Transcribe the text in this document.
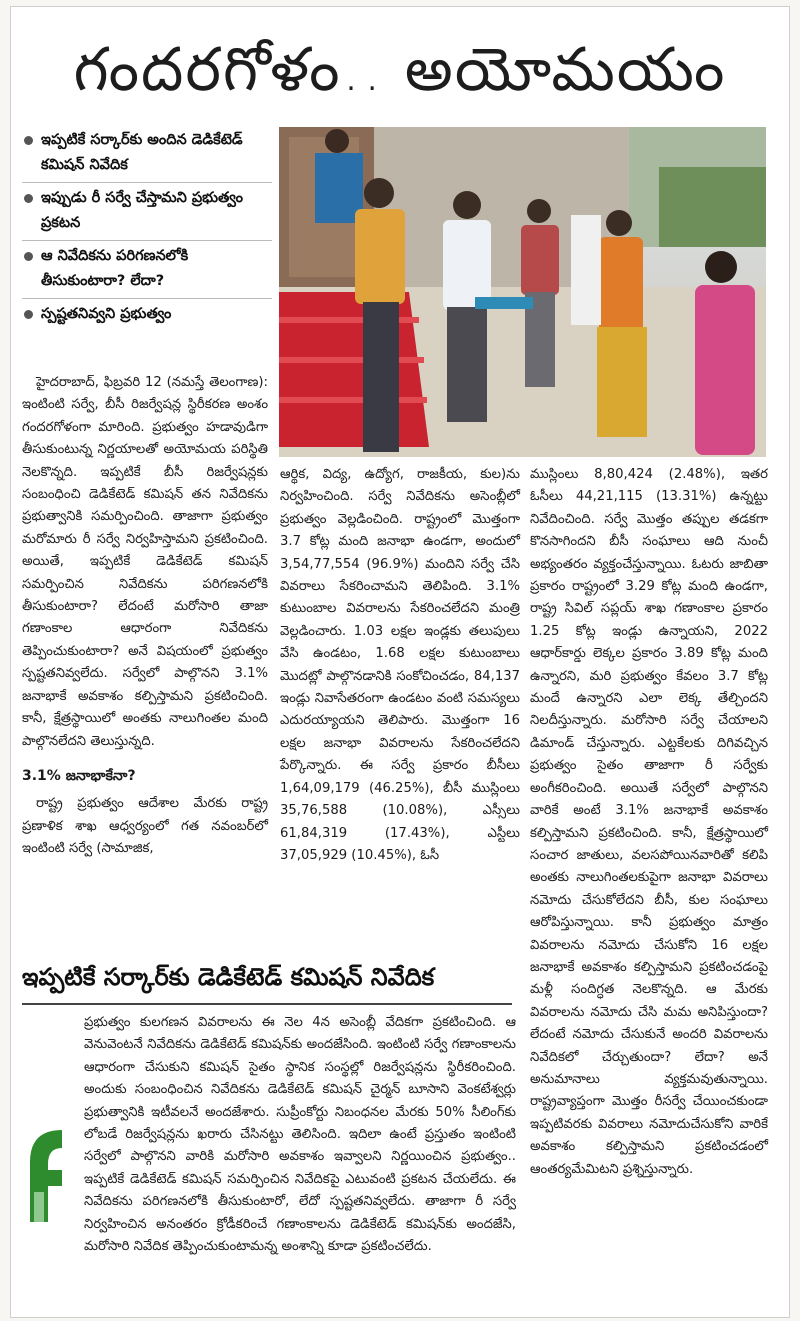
గందరగోళం.. అయోమయం
ఇప్పటికే సర్కార్‌కు అందిన డెడికేటెడ్ కమిషన్ నివేదిక
ఇప్పుడు రీ సర్వే చేస్తామని ప్రభుత్వం ప్రకటన
ఆ నివేదికను పరిగణనలోకి తీసుకుంటారా? లేదా?
స్పష్టతనివ్వని ప్రభుత్వం

హైదరాబాద్, ఫిబ్రవరి 12 (నమస్తే తెలంగాణ): ఇంటింటి సర్వే, బీసీ రిజర్వేషన్ల స్థిరీకరణ అంశం గందరగోళంగా మారింది. ప్రభుత్వం హడావుడిగా తీసుకుంటున్న నిర్ణయాలతో అయోమయ పరిస్థితి నెలకొన్నది. ఇప్పటికే బీసీ రిజర్వేషన్లకు సంబంధించి డెడికేటెడ్ కమిషన్ తన నివేదికను ప్రభుత్వానికి సమర్పించింది. తాజాగా ప్రభుత్వం మరోమారు రీ సర్వే నిర్వహిస్తామని ప్రకటించింది. అయితే, ఇప్పటికే డెడికేటెడ్ కమిషన్ సమర్పించిన నివేదికను పరిగణనలోకి తీసుకుంటారా? లేదంటే మరోసారి తాజా గణాంకాల ఆధారంగా నివేదికను తెప్పించుకుంటారా? అనే విషయంలో ప్రభుత్వం స్పష్టతనివ్వలేదు. సర్వేలో పాల్గొనని 3.1% జనాభాకే అవకాశం కల్పిస్తామని ప్రకటించింది. కానీ, క్షేత్రస్థాయిలో అంతకు నాలుగింతల మంది పాల్గొనలేదని తెలుస్తున్నది.

3.1% జనాభాకేనా?

రాష్ట్ర ప్రభుత్వం ఆదేశాల మేరకు రాష్ట్ర ప్రణాళిక శాఖ ఆధ్వర్యంలో గత నవంబర్‌లో ఇంటింటి సర్వే (సామాజిక,

ఆర్థిక, విద్య, ఉద్యోగ, రాజకీయ, కుల)ను నిర్వహించింది. సర్వే నివేదికను అసెంబ్లీలో ప్రభుత్వం వెల్లడించింది. రాష్ట్రంలో మొత్తంగా 3.7 కోట్ల మంది జనాభా ఉండగా, అందులో 3,54,77,554 (96.9%) మందిని సర్వే చేసి వివరాలు సేకరించామని తెలిపింది. 3.1% కుటుంబాల వివరాలను సేకరించలేదని మంత్రి వెల్లడించారు. 1.03 లక్షల ఇండ్లకు తలుపులు వేసి ఉండటం, 1.68 లక్షల కుటుంబాలు మొదట్లో పాల్గొనడానికి సంకోచించడం, 84,137 ఇండ్లు నివాసేతరంగా ఉండటం వంటి సమస్యలు ఎదురయ్యాయని తెలిపారు. మొత్తంగా 16 లక్షల జనాభా వివరాలను సేకరించలేదని పేర్కొన్నారు. ఈ సర్వే ప్రకారం బీసీలు 1,64,09,179 (46.25%), బీసీ ముస్లింలు 35,76,588 (10.08%), ఎస్సీలు 61,84,319 (17.43%), ఎస్టీలు 37,05,929 (10.45%), ఓసీ

ముస్లింలు 8,80,424 (2.48%), ఇతర ఓసీలు 44,21,115 (13.31%) ఉన్నట్టు నివేదించింది. సర్వే మొత్తం తప్పుల తడకగా కొనసాగిందని బీసీ సంఘాలు ఆది నుంచీ అభ్యంతరం వ్యక్తంచేస్తున్నాయి. ఓటరు జాబితా ప్రకారం రాష్ట్రంలో 3.29 కోట్ల మంది ఉండగా, రాష్ట్ర సివిల్ సప్లయ్ శాఖ గణాంకాల ప్రకారం 1.25 కోట్ల ఇండ్లు ఉన్నాయని, 2022 ఆధార్‌కార్డు లెక్కల ప్రకారం 3.89 కోట్ల మంది ఉన్నారని, మరి ప్రభుత్వం కేవలం 3.7 కోట్ల మందే ఉన్నారని ఎలా లెక్క తేల్చిందని నిలదీస్తున్నారు. మరోసారి సర్వే చేయాలని డిమాండ్ చేస్తున్నారు. ఎట్టకేలకు దిగివచ్చిన ప్రభుత్వం సైతం తాజాగా రీ సర్వేకు అంగీకరించింది. అయితే సర్వేలో పాల్గొనని వారికే అంటే 3.1% జనాభాకే అవకాశం కల్పిస్తామని ప్రకటించింది. కానీ, క్షేత్రస్థాయిలో సంచార జాతులు, వలసపోయినవారితో కలిపి అంతకు నాలుగింతలకుపైగా జనాభా వివరాలు నమోదు చేసుకోలేదని బీసీ, కుల సంఘాలు ఆరోపిస్తున్నాయి. కానీ ప్రభుత్వం మాత్రం వివరాలను నమోదు చేసుకోని 16 లక్షల జనాభాకే అవకాశం కల్పిస్తామని ప్రకటించడంపై మళ్లీ సందిగ్ధత నెలకొన్నది. ఆ మేరకు వివరాలను నమోదు చేసి మమ అనిపిస్తుందా? లేదంటే నమోదు చేసుకునే అందరి వివరాలను నివేదికలో చేర్చుతుందా? లేదా? అనే అనుమానాలు వ్యక్తమవుతున్నాయి. రాష్ట్రవ్యాప్తంగా మొత్తం రీసర్వే చేయించకుండా ఇప్పటివరకు వివరాలు నమోదుచేసుకోని వారికే అవకాశం కల్పిస్తామని ప్రకటించడంలో ఆంతర్యమేమిటని ప్రశ్నిస్తున్నారు.

ఇప్పటికే సర్కార్‌కు డెడికేటెడ్ కమిషన్ నివేదిక

ప్రభుత్వం కులగణన వివరాలను ఈ నెల 4న అసెంబ్లీ వేదికగా ప్రకటించింది. ఆ వెనువెంటనే నివేదికను డెడికేటెడ్ కమిషన్‌కు అందజేసింది. ఇంటింటి సర్వే గణాంకాలను ఆధారంగా చేసుకుని కమిషన్ సైతం స్థానిక సంస్థల్లో రిజర్వేషన్లను స్థిరీకరించింది. అందుకు సంబంధించిన నివేదికను డెడికేటెడ్ కమిషన్ చైర్మన్ బూసాని వెంకటేశ్వర్లు ప్రభుత్వానికి ఇటీవలనే అందజేశారు. సుప్రీంకోర్టు నిబంధనల మేరకు 50% సీలింగ్‌కు లోబడే రిజర్వేషన్లను ఖరారు చేసినట్టు తెలిసింది. ఇదిలా ఉంటే ప్రస్తుతం ఇంటింటి సర్వేలో పాల్గొనని వారికి మరోసారి అవకాశం ఇవ్వాలని నిర్ణయించిన ప్రభుత్వం.. ఇప్పటికే డెడికేటెడ్ కమిషన్ సమర్పించిన నివేదికపై ఎటువంటి ప్రకటన చేయలేదు. ఈ నివేదికను పరిగణనలోకి తీసుకుంటారో, లేదో స్పష్టతనివ్వలేదు. తాజాగా రీ సర్వే నిర్వహించిన అనంతరం క్రోడీకరించే గణాంకాలను డెడికేటెడ్ కమిషన్‌కు అందజేసి, మరోసారి నివేదిక తెప్పించుకుంటామన్న అంశాన్ని కూడా ప్రకటించలేదు.
